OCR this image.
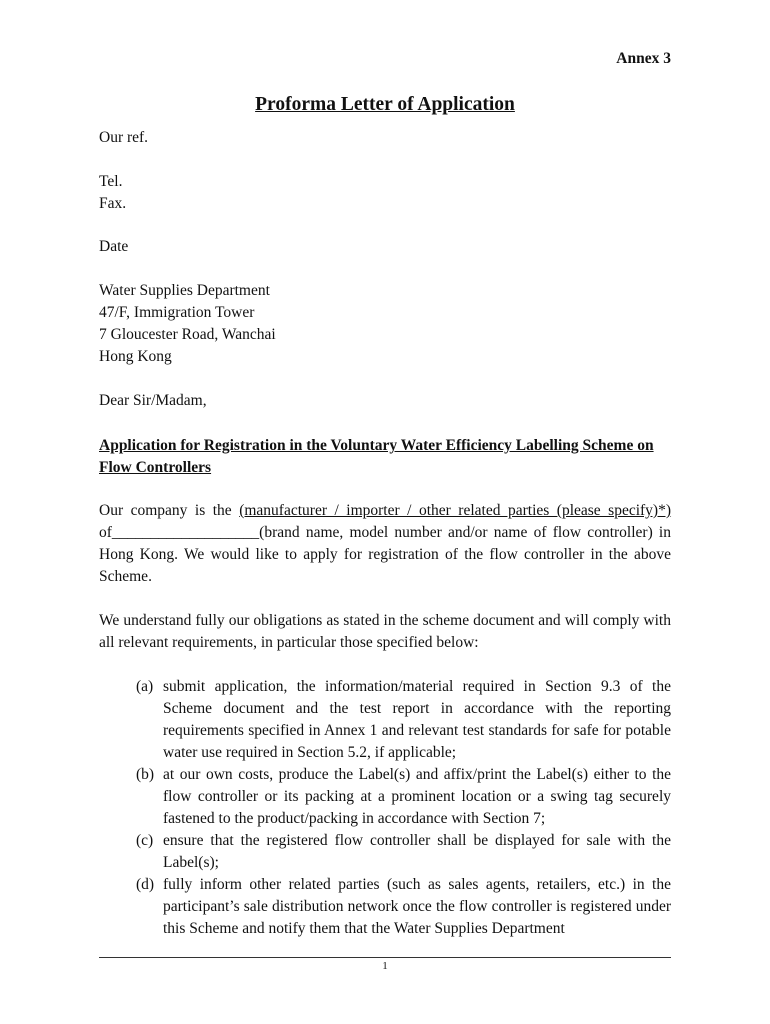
Annex 3
Proforma Letter of Application
Our ref.
Tel.
Fax.
Date
Water Supplies Department
47/F, Immigration Tower
7 Gloucester Road, Wanchai
Hong Kong
Dear Sir/Madam,
Application for Registration in the Voluntary Water Efficiency Labelling Scheme on Flow Controllers
Our company is the (manufacturer / importer / other related parties (please specify)*) of___________________(brand name, model number and/or name of flow controller) in Hong Kong. We would like to apply for registration of the flow controller in the above Scheme.
We understand fully our obligations as stated in the scheme document and will comply with all relevant requirements, in particular those specified below:
(a) submit application, the information/material required in Section 9.3 of the Scheme document and the test report in accordance with the reporting requirements specified in Annex 1 and relevant test standards for safe for potable water use required in Section 5.2, if applicable;
(b) at our own costs, produce the Label(s) and affix/print the Label(s) either to the flow controller or its packing at a prominent location or a swing tag securely fastened to the product/packing in accordance with Section 7;
(c) ensure that the registered flow controller shall be displayed for sale with the Label(s);
(d) fully inform other related parties (such as sales agents, retailers, etc.) in the participant’s sale distribution network once the flow controller is registered under this Scheme and notify them that the Water Supplies Department
1
